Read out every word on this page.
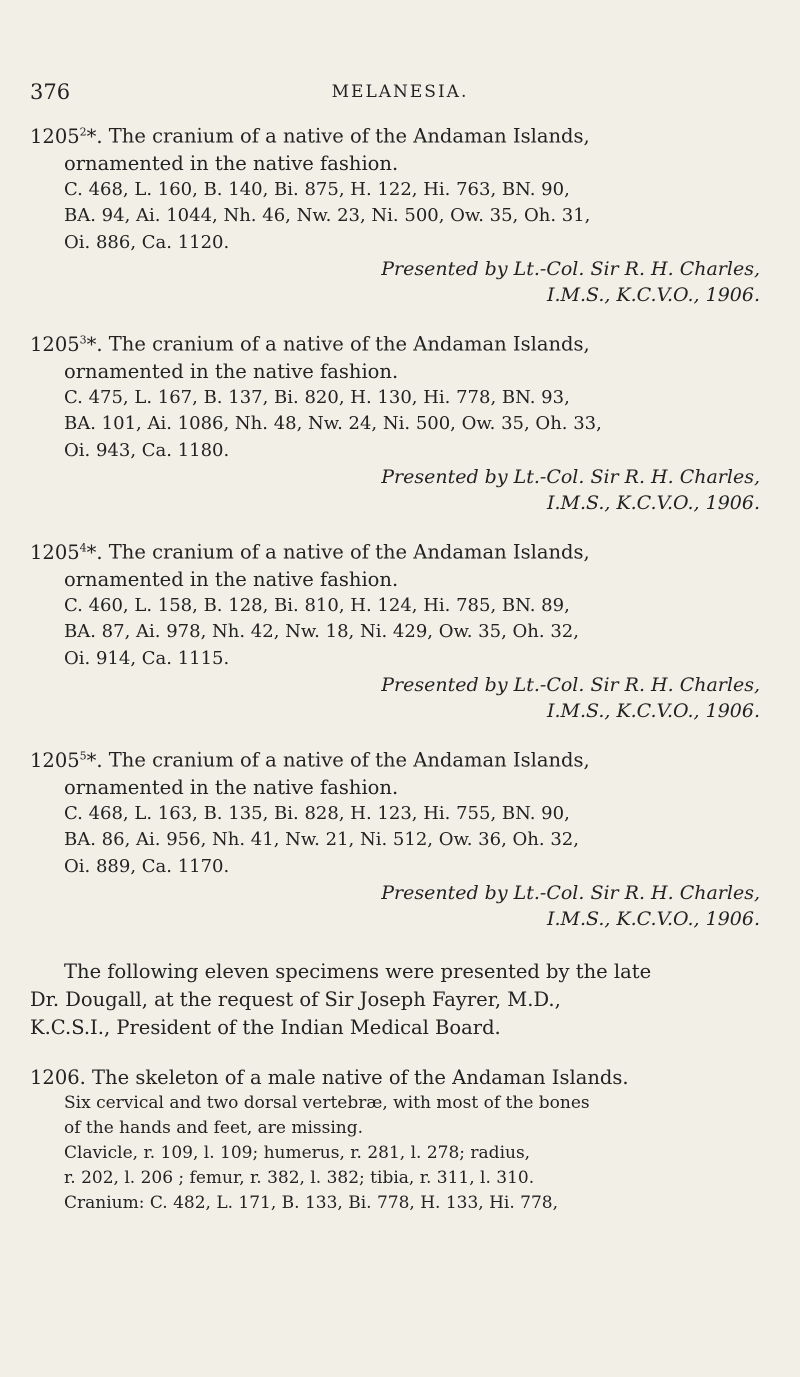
376	MELANESIA.
1205$^2$*. The cranium of a native of the Andaman Islands,
ornamented in the native fashion.
C. 468, L. 160, B. 140, Bi. 875, H. 122, Hi. 763, BN. 90,
BA. 94, Ai. 1044, Nh. 46, Nw. 23, Ni. 500, Ow. 35, Oh. 31,
Oi. 886, Ca. 1120.
Presented by Lt.-Col. Sir R. H. Charles,
I.M.S., K.C.V.O., 1906.
1205$^3$*. The cranium of a native of the Andaman Islands,
ornamented in the native fashion.
C. 475, L. 167, B. 137, Bi. 820, H. 130, Hi. 778, BN. 93,
BA. 101, Ai. 1086, Nh. 48, Nw. 24, Ni. 500, Ow. 35, Oh. 33,
Oi. 943, Ca. 1180.
Presented by Lt.-Col. Sir R. H. Charles,
I.M.S., K.C.V.O., 1906.
1205$^4$*. The cranium of a native of the Andaman Islands,
ornamented in the native fashion.
C. 460, L. 158, B. 128, Bi. 810, H. 124, Hi. 785, BN. 89,
BA. 87, Ai. 978, Nh. 42, Nw. 18, Ni. 429, Ow. 35, Oh. 32,
Oi. 914, Ca. 1115.
Presented by Lt.-Col. Sir R. H. Charles,
I.M.S., K.C.V.O., 1906.
1205$^5$*. The cranium of a native of the Andaman Islands,
ornamented in the native fashion.
C. 468, L. 163, B. 135, Bi. 828, H. 123, Hi. 755, BN. 90,
BA. 86, Ai. 956, Nh. 41, Nw. 21, Ni. 512, Ow. 36, Oh. 32,
Oi. 889, Ca. 1170.
Presented by Lt.-Col. Sir R. H. Charles,
I.M.S., K.C.V.O., 1906.
The following eleven specimens were presented by the late
Dr. Dougall, at the request of Sir Joseph Fayrer, M.D.,
K.C.S.I., President of the Indian Medical Board.
1206. The skeleton of a male native of the Andaman Islands.
Six cervical and two dorsal vertebræ, with most of the bones
of the hands and feet, are missing.
Clavicle, r. 109, l. 109; humerus, r. 281, l. 278; radius,
r. 202, l. 206 ; femur, r. 382, l. 382; tibia, r. 311, l. 310.
Cranium: C. 482, L. 171, B. 133, Bi. 778, H. 133, Hi. 778,
